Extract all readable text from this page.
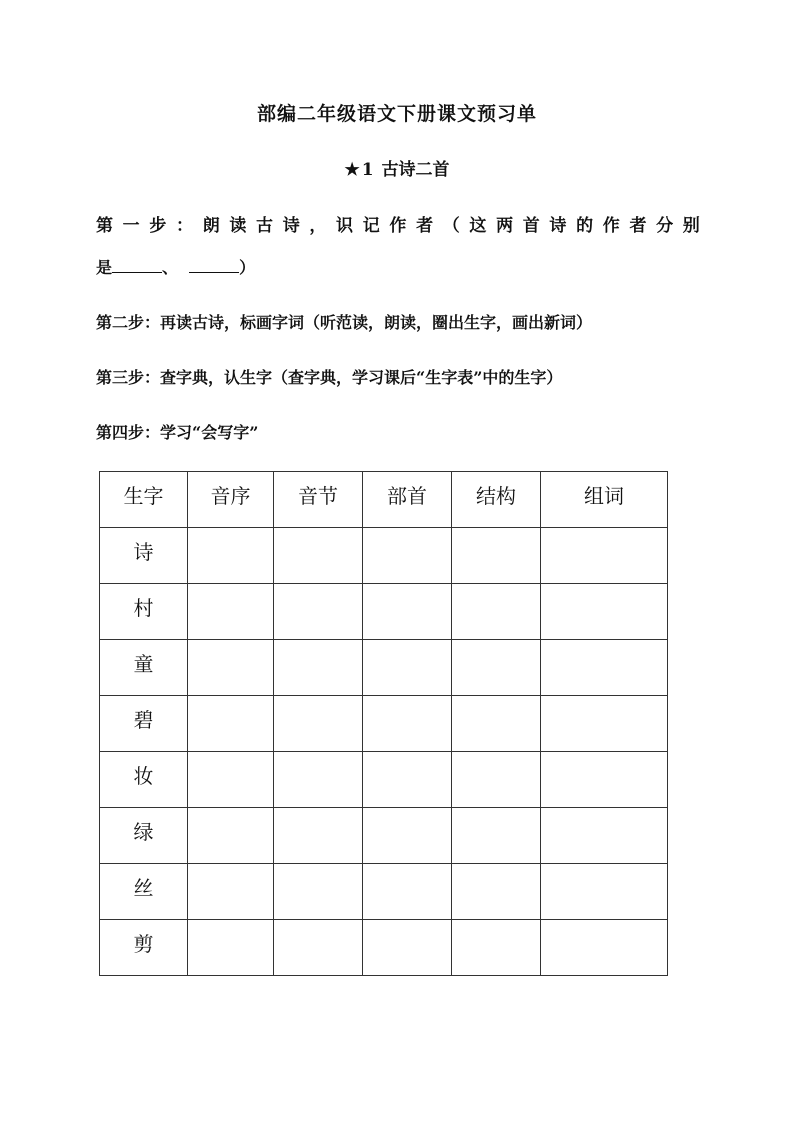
部编二年级语文下册课文预习单
★ 1 古诗二首
第 一 步 ： 朗 读 古 诗 ， 识 记 作 者 （ 这 两 首 诗 的 作 者 分 别
是	、	）
第二步：再读古诗，标画字词（听范读，朗读，圈出生字，画出新词）
第三步：查字典，认生字（查字典，学习课后“生字表”中的生字）
第四步：学习“会写字”
生字	音序	音节	部首	结构	组词
诗					
村					
童					
碧					
妆					
绿					
丝					
剪					
